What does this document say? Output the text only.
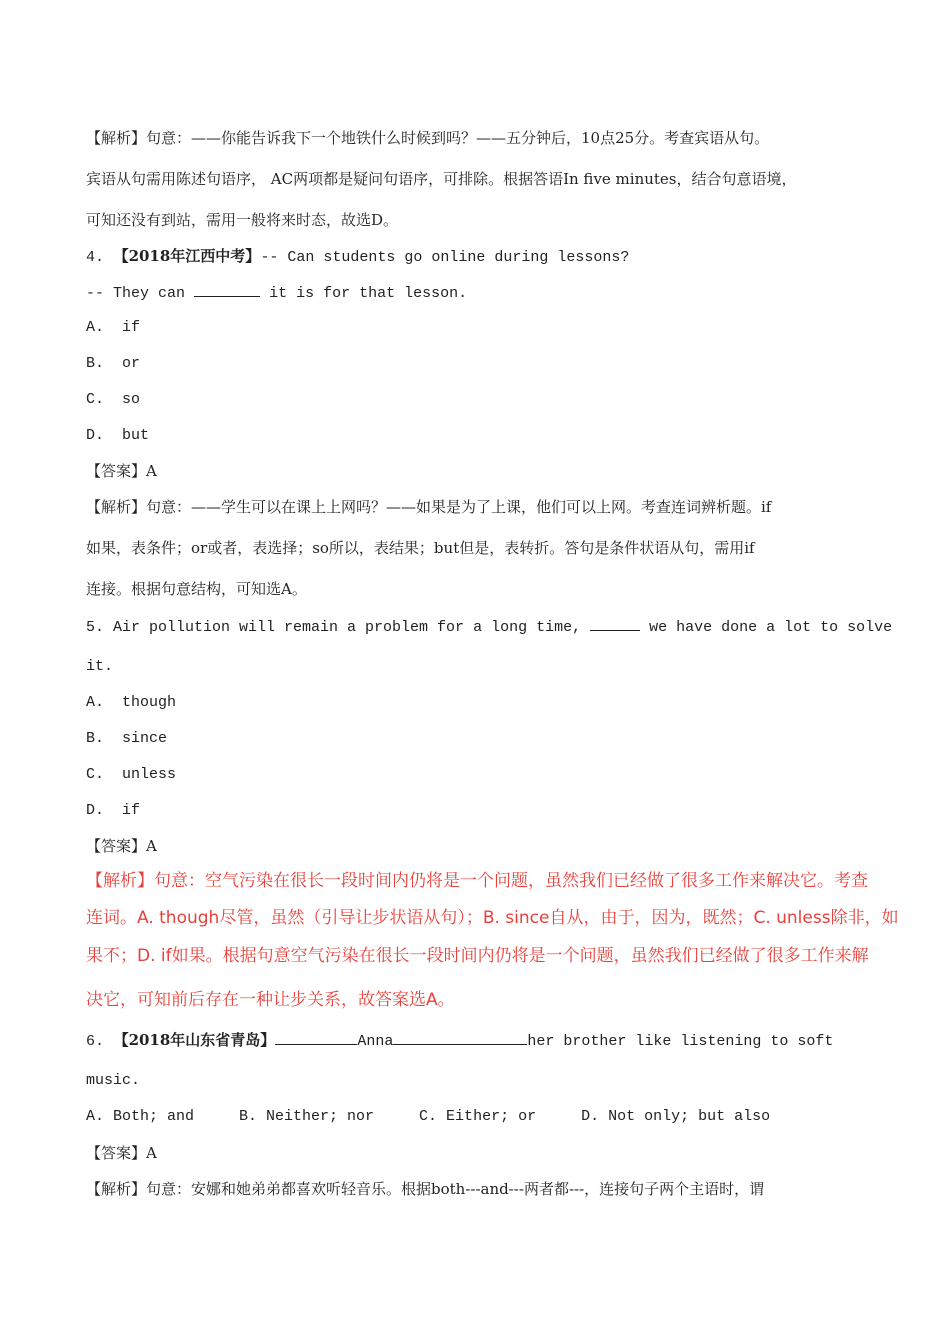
【解析】句意：——你能告诉我下一个地铁什么时候到吗？——五分钟后，10点25分。考查宾语从句。
宾语从句需用陈述句语序， AC两项都是疑问句语序，可排除。根据答语In five minutes，结合句意语境，
可知还没有到站，需用一般将来时态，故选D。
4. 【2018年江西中考】-- Can students go online during lessons?
-- They can	it is for that lesson.
A.  if
B.  or
C.  so
D.  but
【答案】A
【解析】句意：——学生可以在课上上网吗？——如果是为了上课，他们可以上网。考查连词辨析题。if
如果，表条件；or或者，表选择；so所以，表结果；but但是，表转折。答句是条件状语从句，需用if
连接。根据句意结构，可知选A。
5. Air pollution will remain a problem for a long time,	we have done a lot to solve
it.
A.  though
B.  since
C.  unless
D.  if
【答案】A
【解析】句意：空气污染在很长一段时间内仍将是一个问题，虽然我们已经做了很多工作来解决它。考查
连词。A. though尽管，虽然（引导让步状语从句）；B. since自从，由于，因为，既然；C. unless除非，如
果不；D. if如果。根据句意空气污染在很长一段时间内仍将是一个问题，虽然我们已经做了很多工作来解
决它，可知前后存在一种让步关系，故答案选A。
6. 【2018年山东省青岛】	Anna	her brother like listening to soft
music.
A. Both; and     B. Neither; nor     C. Either; or     D. Not only; but also
【答案】A
【解析】句意：安娜和她弟弟都喜欢听轻音乐。根据both---and---两者都---，连接句子两个主语时，谓
